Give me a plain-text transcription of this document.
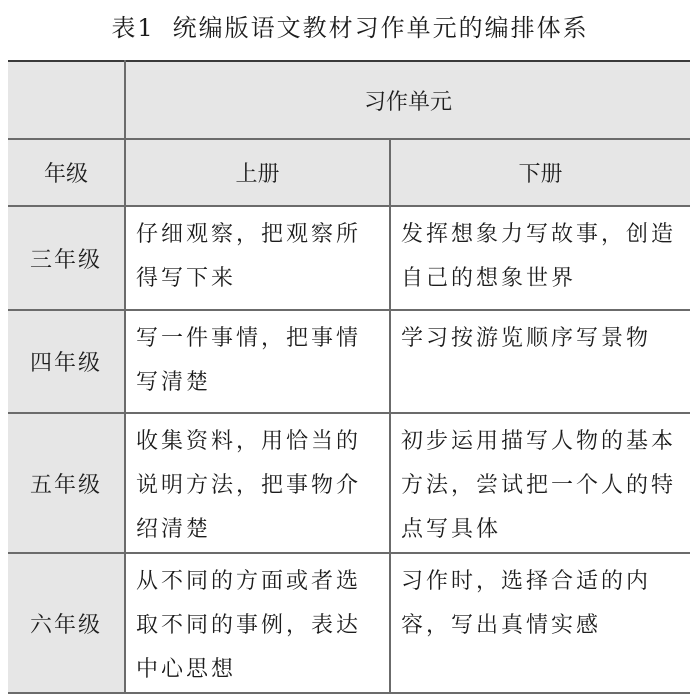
表1 统编版语文教材习作单元的编排体系
	习作单元	
年级	上册	下册
三年级	仔细观察，把观察所得写下来	发挥想象力写故事，创造自己的想象世界
四年级	写一件事情，把事情写清楚	学习按游览顺序写景物
五年级	收集资料，用恰当的说明方法，把事物介绍清楚	初步运用描写人物的基本方法，尝试把一个人的特点写具体
六年级	从不同的方面或者选取不同的事例，表达中心思想	习作时，选择合适的内容，写出真情实感
